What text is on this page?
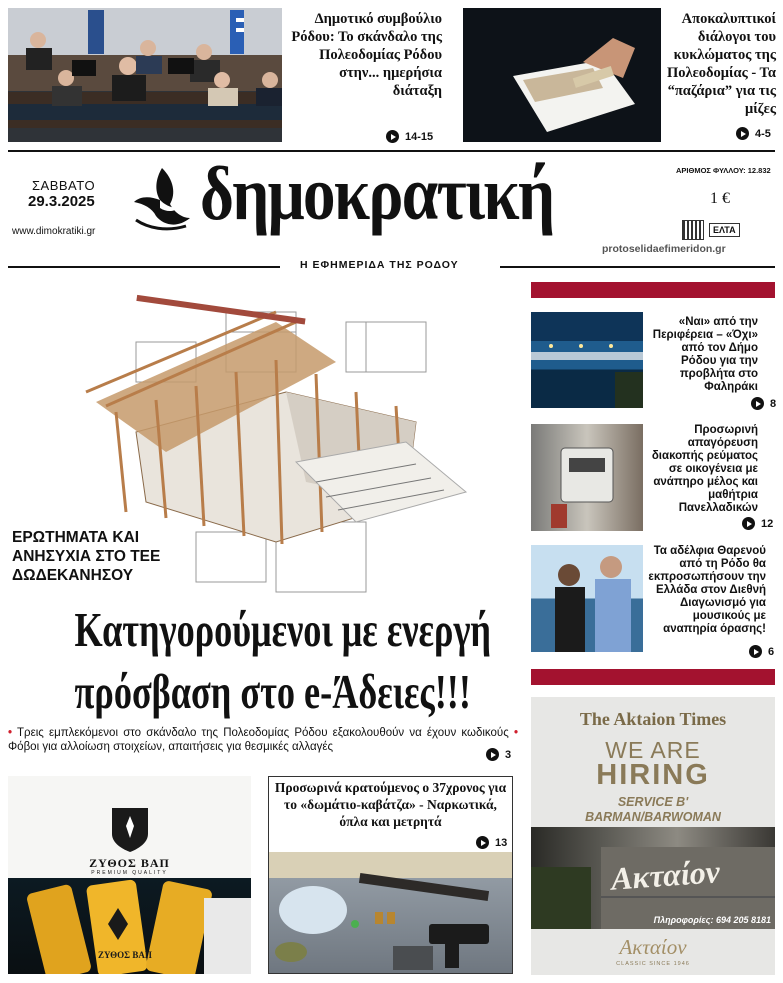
Δημοτικό συμβούλιο Ρόδου: Το σκάνδαλο της Πολεοδομίας Ρόδου στην... ημερήσια διάταξη
14-15
Αποκαλυπτικοί διάλογοι του κυκλώματος της Πολεοδομίας - Τα “παζάρια” για τις μίζες
4-5
ΣΑΒΒΑΤΟ
29.3.2025
www.dimokratiki.gr δημοκρατική	ΑΡΙΘΜΟΣ ΦΥΛΛΟΥ: 12.832
1 €
ΕΛΤΑ
protoselidaefimeridon.gr
Η ΕΦΗΜΕΡΙΔΑ ΤΗΣ ΡΟΔΟΥ
ΕΡΩΤΗΜΑΤΑ ΚΑΙ ΑΝΗΣΥΧΙΑ ΣΤΟ ΤΕΕ ΔΩΔΕΚΑΝΗΣΟΥ
Κατηγορούμενοι με ενεργή
πρόσβαση στο e-Άδειες!!!
• Τρεις εμπλεκόμενοι στο σκάνδαλο της Πολεοδομίας Ρόδου εξακολουθούν να έχουν κωδικούς • Φόβοι για αλλοίωση στοιχείων, απαιτήσεις για θεσμικές αλλαγές
3
«Ναι» από την Περιφέρεια – «Όχι» από τον Δήμο Ρόδου για την προβλήτα στο Φαληράκι
8
Προσωρινή απαγόρευση διακοπής ρεύματος σε οικογένεια με ανάπηρο μέλος και μαθήτρια Πανελλαδικών
12
Τα αδέλφια Θαρενού από τη Ρόδο θα εκπροσωπήσουν την Ελλάδα στον Διεθνή Διαγωνισμό για μουσικούς με αναπηρία όρασης!
6
ΖΥΘΟΣ ΒΑΠ
PREMIUM QUALITY
ΖΥΘΟΣ ΒΑΠ
Προσωρινά κρατούμενος ο 37χρονος για το «δωμάτιο-καβάτζα» - Ναρκωτικά, όπλα και μετρητά
13
The Aktaion Times
WE ARE
HIRING
SERVICE B'
BARMAN/BARWOMAN
Ακταίον
Πληροφορίες: 694 205 8181
Ακταίον
CLASSIC SINCE 1946
